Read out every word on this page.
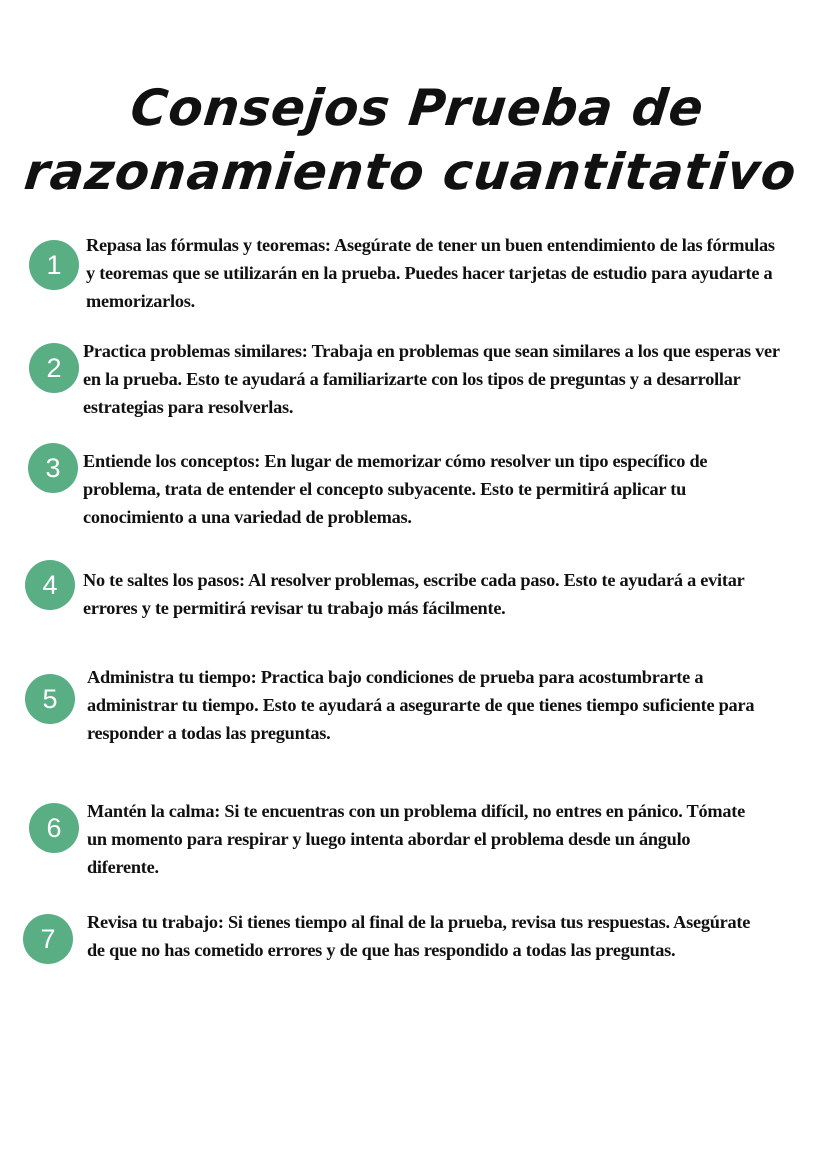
Consejos Prueba de
razonamiento cuantitativo
1

Repasa las fórmulas y teoremas: Asegúrate de tener un buen entendimiento de las fórmulas y teoremas que se utilizarán en la prueba. Puedes hacer tarjetas de estudio para ayudarte a memorizarlos.

2

Practica problemas similares: Trabaja en problemas que sean similares a los que esperas ver en la prueba. Esto te ayudará a familiarizarte con los tipos de preguntas y a desarrollar estrategias para resolverlas.

3	Entiende los conceptos: En lugar de memorizar cómo resolver un tipo específico de problema, trata de entender el concepto subyacente. Esto te permitirá aplicar tu conocimiento a una variedad de problemas.

4	No te saltes los pasos: Al resolver problemas, escribe cada paso. Esto te ayudará a evitar errores y te permitirá revisar tu trabajo más fácilmente.

5

Administra tu tiempo: Practica bajo condiciones de prueba para acostumbrarte a administrar tu tiempo. Esto te ayudará a asegurarte de que tienes tiempo suficiente para responder a todas las preguntas.

6

Mantén la calma: Si te encuentras con un problema difícil, no entres en pánico. Tómate un momento para respirar y luego intenta abordar el problema desde un ángulo diferente.

7

Revisa tu trabajo: Si tienes tiempo al final de la prueba, revisa tus respuestas. Asegúrate de que no has cometido errores y de que has respondido a todas las preguntas.
